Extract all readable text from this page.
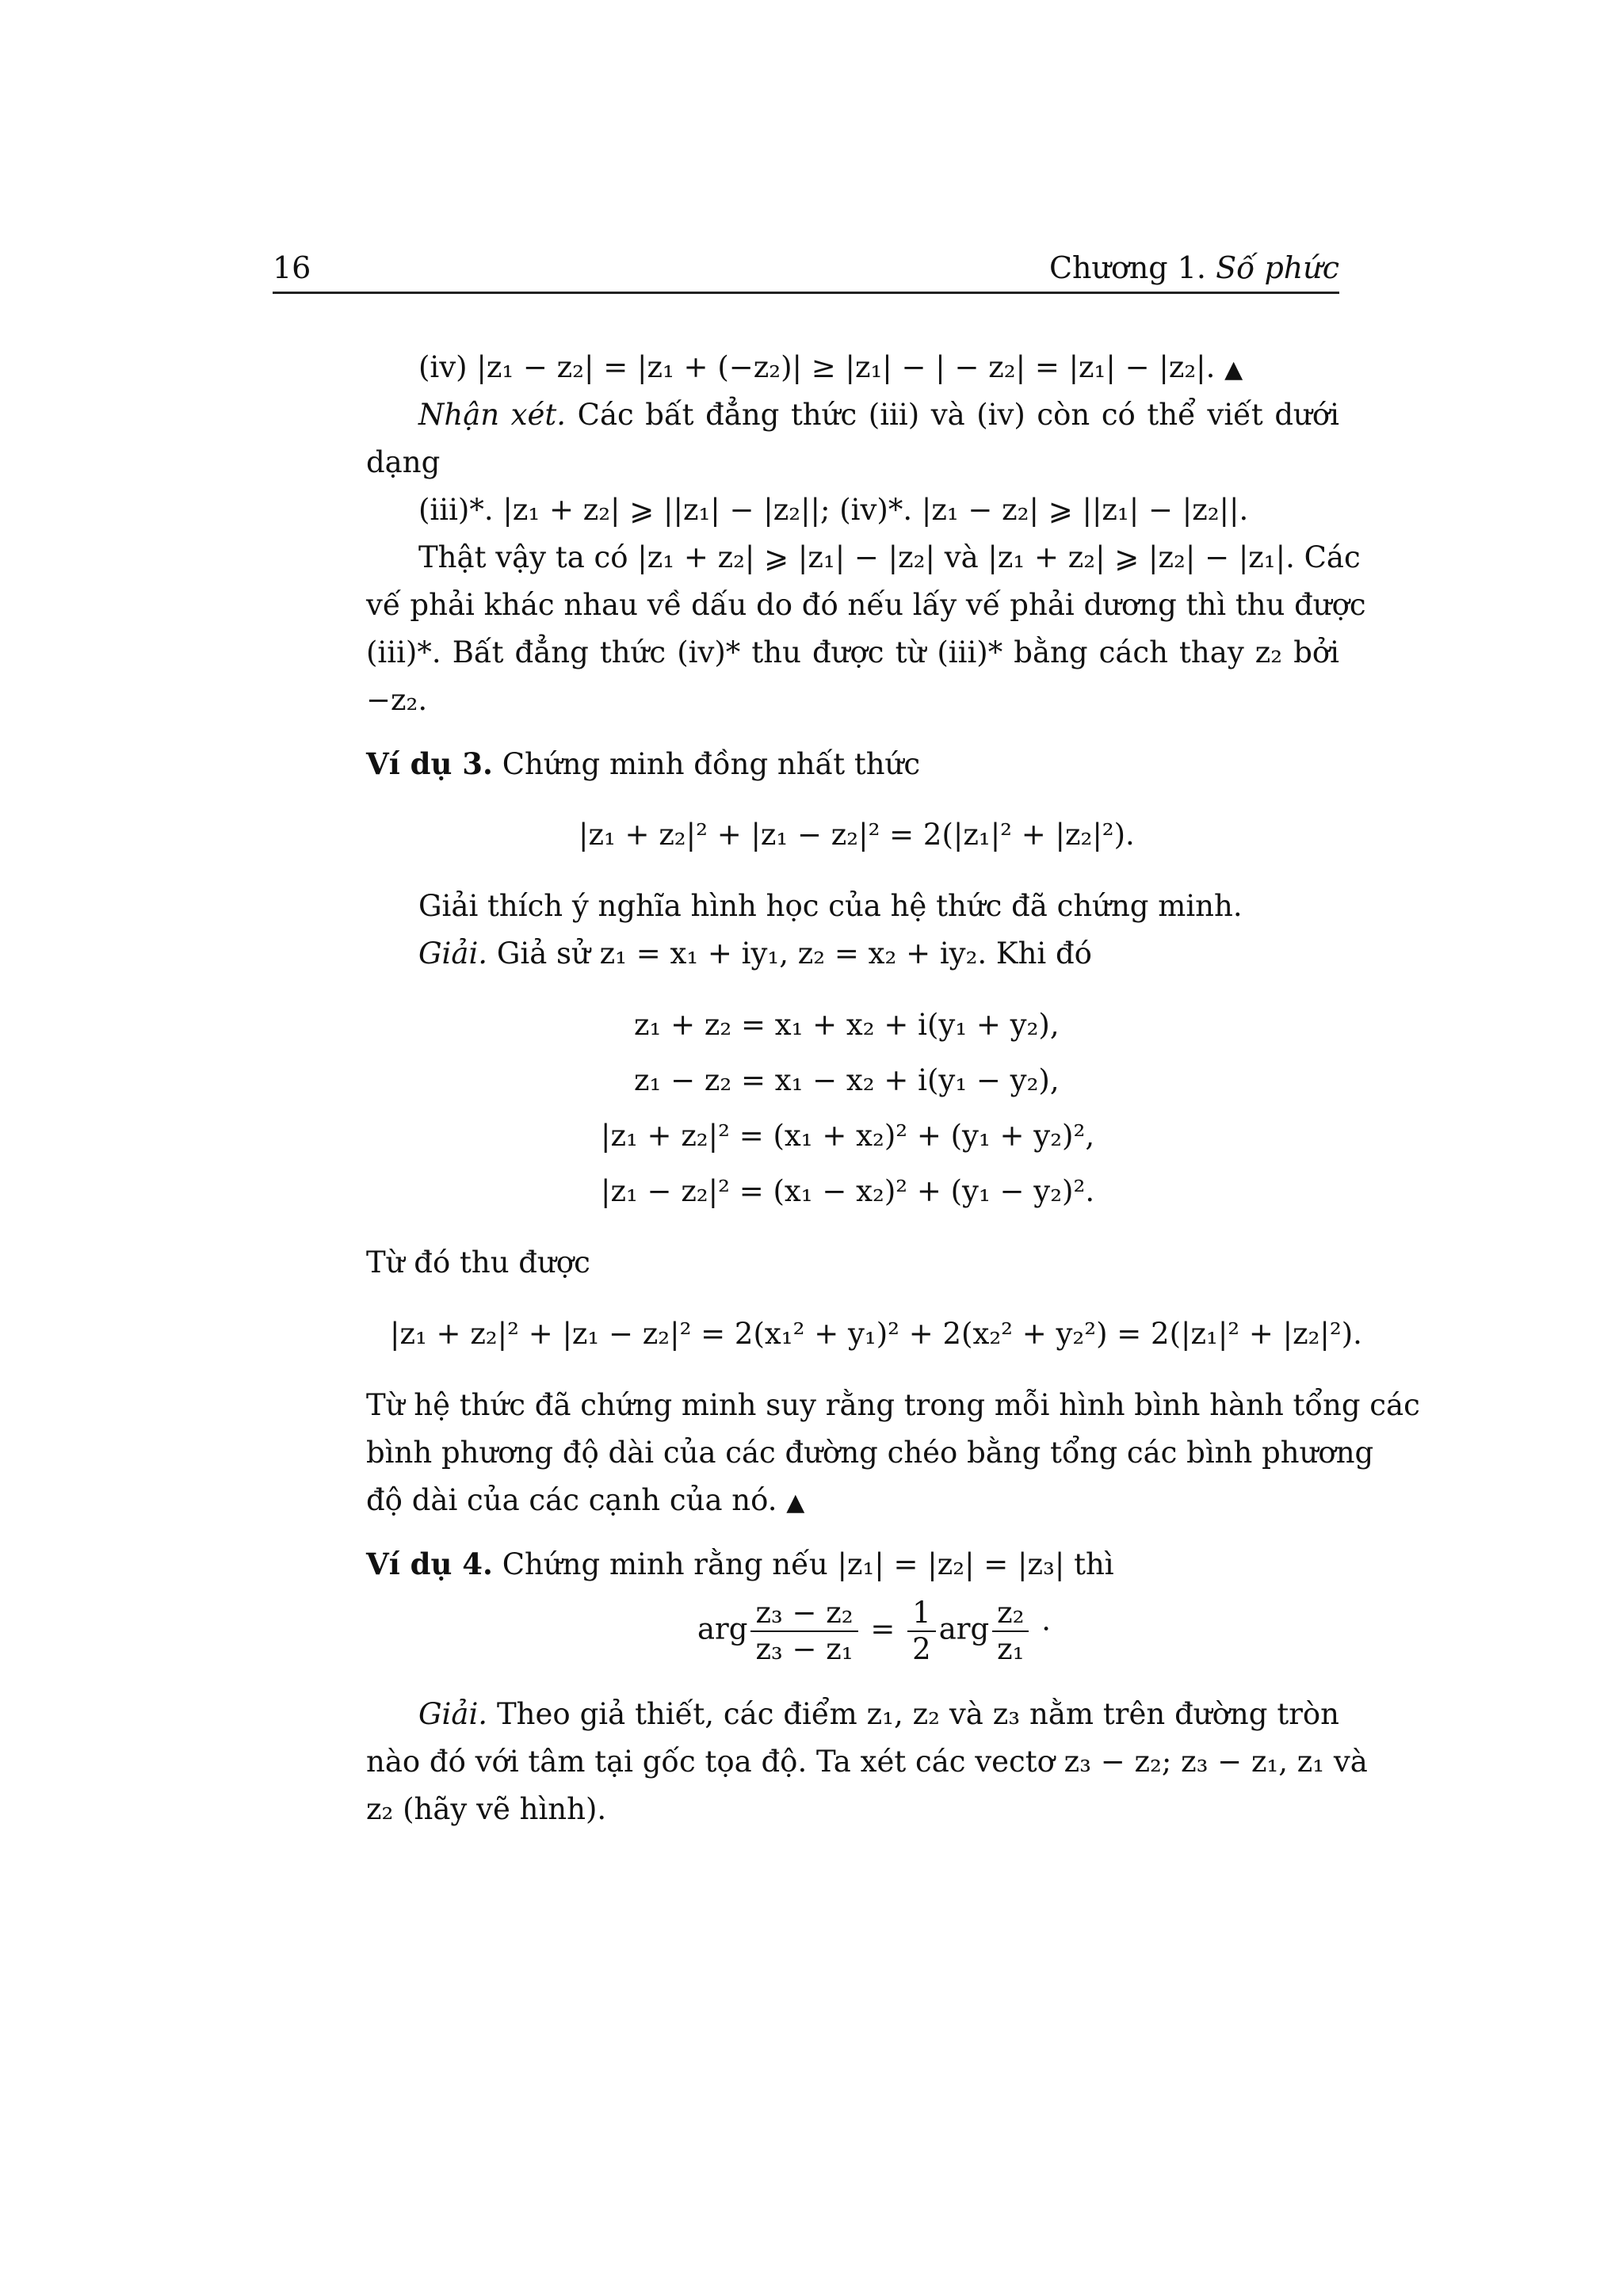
16	Chương 1. Số phức
(iv) |z₁ − z₂| = |z₁ + (−z₂)| ≥ |z₁| − | − z₂| = |z₁| − |z₂|. ▲
Nhận xét. Các bất đẳng thức (iii) và (iv) còn có thể viết dưới
dạng
(iii)*. |z₁ + z₂| ⩾ ||z₁| − |z₂||; (iv)*. |z₁ − z₂| ⩾ ||z₁| − |z₂||.
Thật vậy ta có |z₁ + z₂| ⩾ |z₁| − |z₂| và |z₁ + z₂| ⩾ |z₂| − |z₁|. Các
vế phải khác nhau về dấu do đó nếu lấy vế phải dương thì thu được
(iii)*. Bất đẳng thức (iv)* thu được từ (iii)* bằng cách thay z₂ bởi
−z₂.
Ví dụ 3. Chứng minh đồng nhất thức
|z₁ + z₂|² + |z₁ − z₂|² = 2(|z₁|² + |z₂|²).
Giải thích ý nghĩa hình học của hệ thức đã chứng minh.
Giải. Giả sử z₁ = x₁ + iy₁, z₂ = x₂ + iy₂. Khi đó
z₁ + z₂ = x₁ + x₂ + i(y₁ + y₂),
z₁ − z₂ = x₁ − x₂ + i(y₁ − y₂),
|z₁ + z₂|² = (x₁ + x₂)² + (y₁ + y₂)²,
|z₁ − z₂|² = (x₁ − x₂)² + (y₁ − y₂)².
Từ đó thu được
|z₁ + z₂|² + |z₁ − z₂|² = 2(x₁² + y₁)² + 2(x₂² + y₂²) = 2(|z₁|² + |z₂|²).
Từ hệ thức đã chứng minh suy rằng trong mỗi hình bình hành tổng các
bình phương độ dài của các đường chéo bằng tổng các bình phương
độ dài của các cạnh của nó. ▲
Ví dụ 4. Chứng minh rằng nếu |z₁| = |z₂| = |z₃| thì
arg $\frac{\text{z₃ − z₂}}{\text{z₃ − z₁}} = \frac{1}{2}$ arg $\frac{\text{z₂}}{\text{z₁}}$ ·
Giải. Theo giả thiết, các điểm z₁, z₂ và z₃ nằm trên đường tròn
nào đó với tâm tại gốc tọa độ. Ta xét các vectơ z₃ − z₂; z₃ − z₁, z₁ và
z₂ (hãy vẽ hình).
